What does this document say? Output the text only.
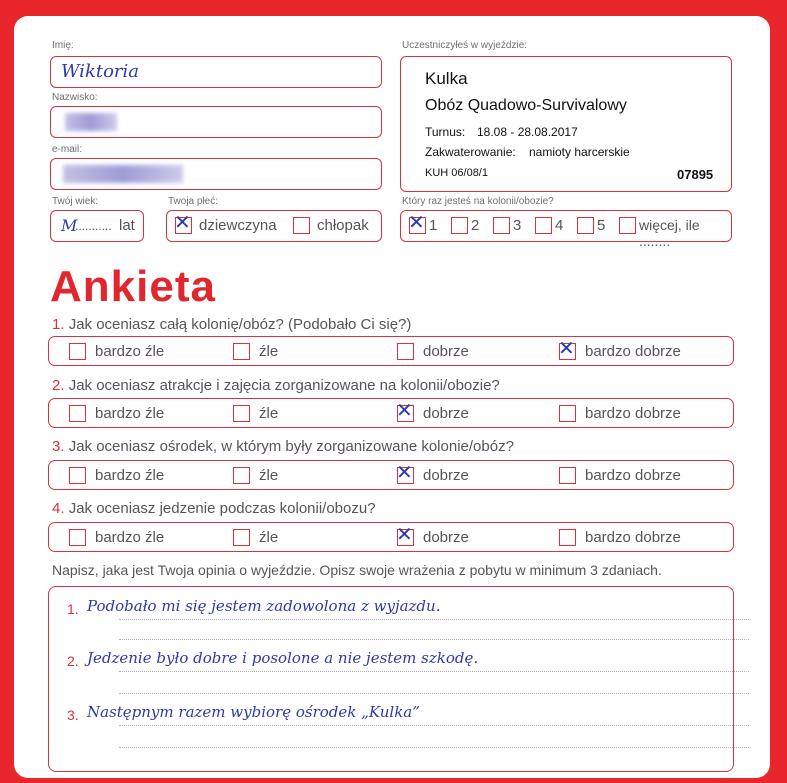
Imię:
Wiktoria
Nazwisko:
e-mail:
Twój wiek:
M
........... lat
Twoja płeć:
✕ dziewczyna	chłopak
Uczestniczyłeś w wyjeździe:
Kulka
Obóz Quadowo-Survivalowy
Turnus: 18.08 - 28.08.2017
Zakwaterowanie: namioty harcerskie
KUH 06/08/1	07895
Który raz jesteś na kolonii/obozie?
✕ 1 2 3 4 5 więcej, ile ........
Ankieta
1. Jak oceniasz całą kolonię/obóz? (Podobało Ci się?)
bardzo źle	źle	dobrze	✕ bardzo dobrze
2. Jak oceniasz atrakcje i zajęcia zorganizowane na kolonii/obozie?
bardzo źle	źle	✕ dobrze	bardzo dobrze
3. Jak oceniasz ośrodek, w którym były zorganizowane kolonie/obóz?
bardzo źle	źle	✕ dobrze	bardzo dobrze
4. Jak oceniasz jedzenie podczas kolonii/obozu?
bardzo źle	źle	✕ dobrze	bardzo dobrze
Napisz, jaka jest Twoja opinia o wyjeździe. Opisz swoje wrażenia z pobytu w minimum 3 zdaniach.
1. Podobało mi się jestem zadowolona z wyjazdu.
2. Jedzenie było dobre i posolone a nie jestem szkodę.
3. Następnym razem wybiorę ośrodek „Kulka”
